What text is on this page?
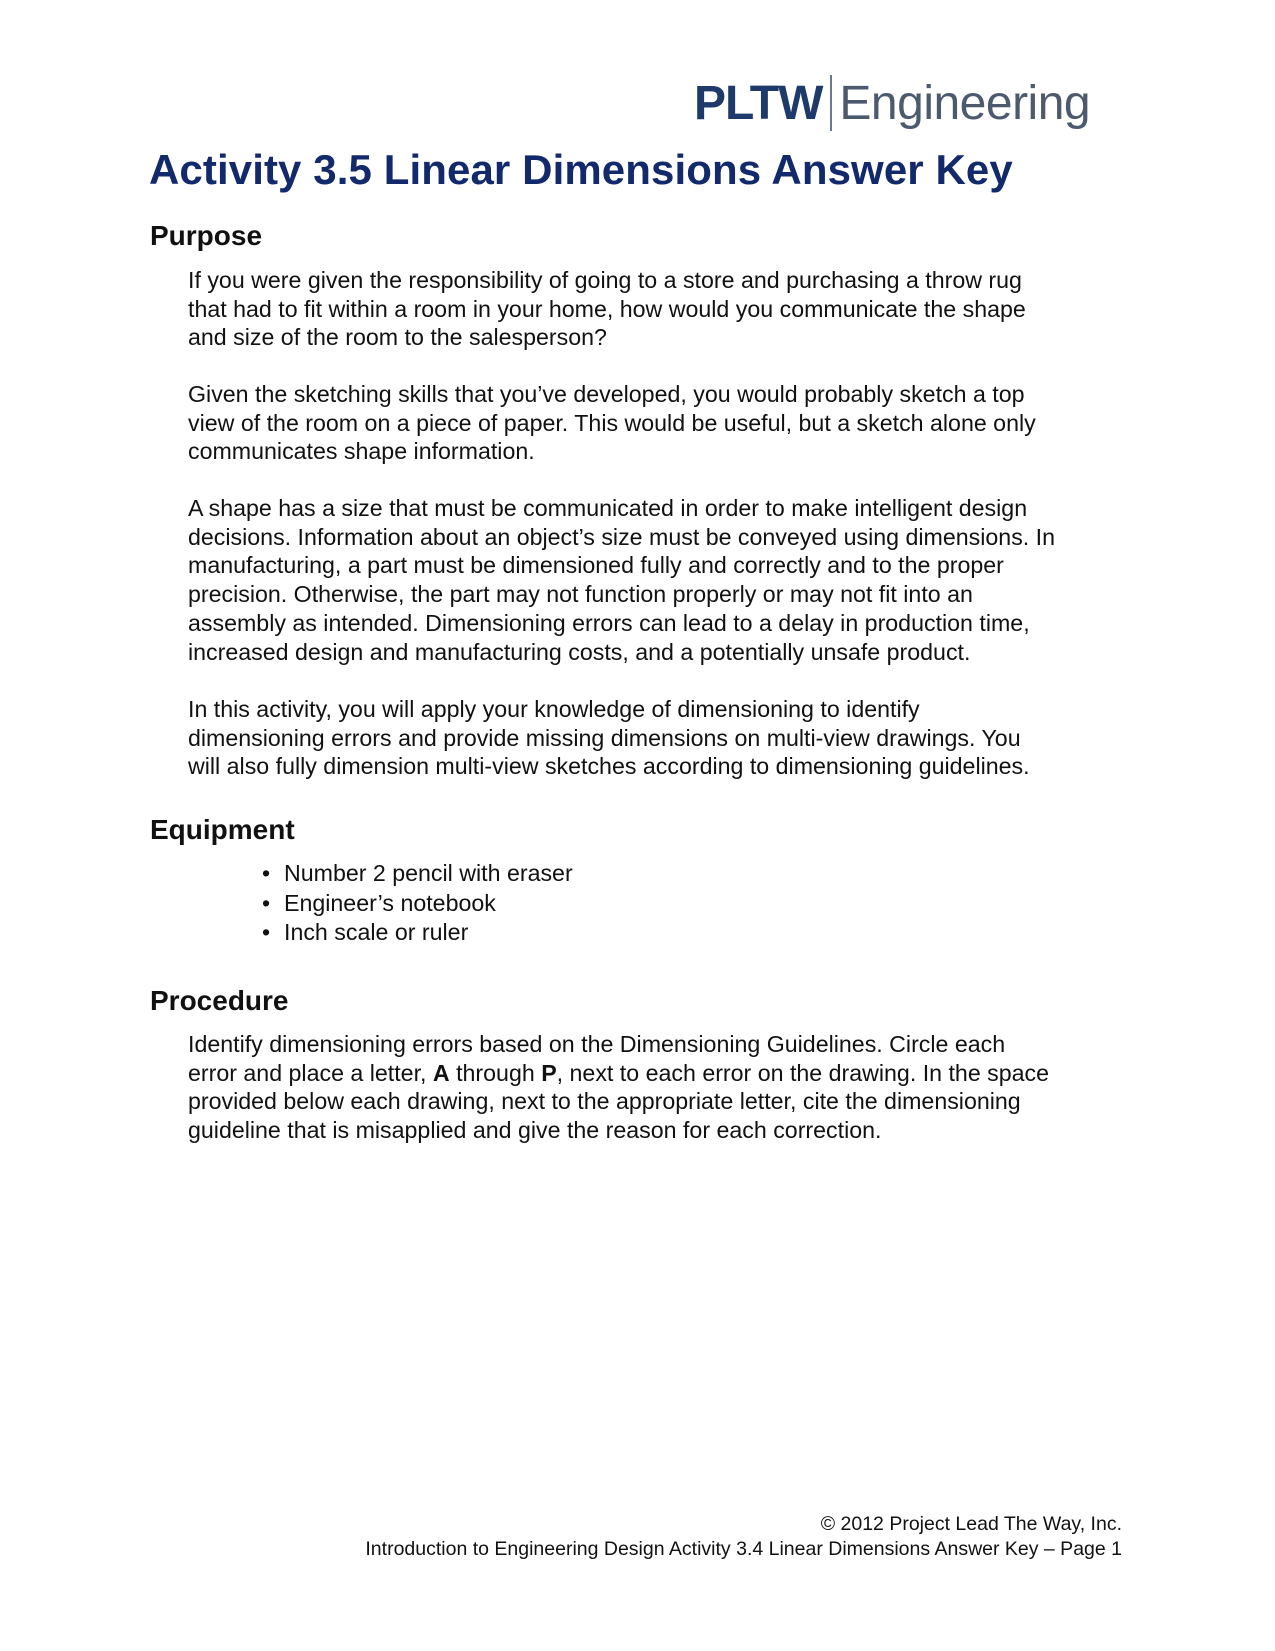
PLTW Engineering
Activity 3.5 Linear Dimensions Answer Key
Purpose

If you were given the responsibility of going to a store and purchasing a throw rug
that had to fit within a room in your home, how would you communicate the shape
and size of the room to the salesperson?

Given the sketching skills that you’ve developed, you would probably sketch a top
view of the room on a piece of paper. This would be useful, but a sketch alone only
communicates shape information.

A shape has a size that must be communicated in order to make intelligent design
decisions. Information about an object’s size must be conveyed using dimensions. In
manufacturing, a part must be dimensioned fully and correctly and to the proper
precision. Otherwise, the part may not function properly or may not fit into an
assembly as intended. Dimensioning errors can lead to a delay in production time,
increased design and manufacturing costs, and a potentially unsafe product.

In this activity, you will apply your knowledge of dimensioning to identify
dimensioning errors and provide missing dimensions on multi-view drawings. You
will also fully dimension multi-view sketches according to dimensioning guidelines.

Equipment
• Number 2 pencil with eraser
• Engineer’s notebook
• Inch scale or ruler
Procedure

Identify dimensioning errors based on the Dimensioning Guidelines. Circle each
error and place a letter, A through P, next to each error on the drawing. In the space
provided below each drawing, next to the appropriate letter, cite the dimensioning
guideline that is misapplied and give the reason for each correction.

© 2012 Project Lead The Way, Inc.
Introduction to Engineering Design Activity 3.4 Linear Dimensions Answer Key – Page 1
